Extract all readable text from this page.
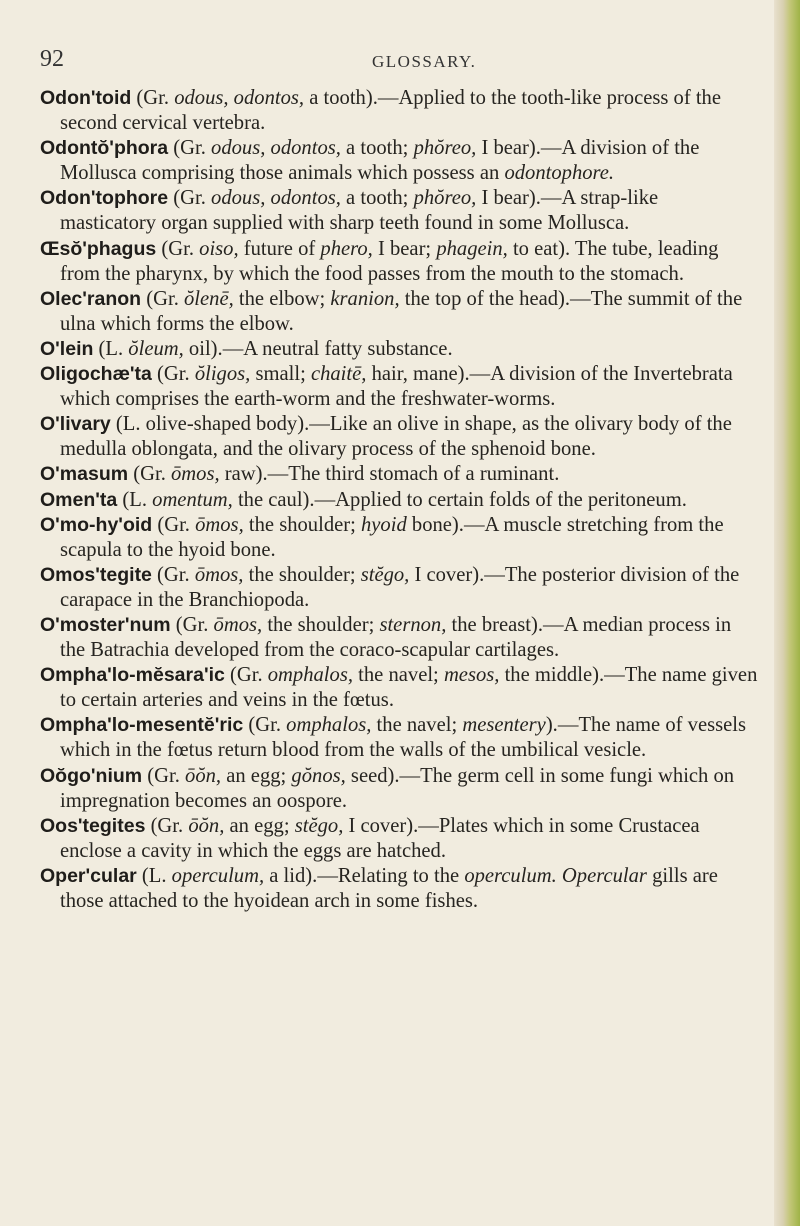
92	GLOSSARY.

Odon'toid (Gr. odous, odontos, a tooth).—Applied to the tooth-like process of the second cervical vertebra.

Odontŏ'phora (Gr. odous, odontos, a tooth; phŏreo, I bear).—A division of the Mollusca comprising those animals which possess an odontophore.

Odon'tophore (Gr. odous, odontos, a tooth; phŏreo, I bear).—A strap-like masticatory organ supplied with sharp teeth found in some Mollusca.

Œsŏ'phagus (Gr. oiso, future of phero, I bear; phagein, to eat). The tube, leading from the pharynx, by which the food passes from the mouth to the stomach.

Olec'ranon (Gr. ŏlenē, the elbow; kranion, the top of the head).—The summit of the ulna which forms the elbow.

O'lein (L. ŏleum, oil).—A neutral fatty substance.

Oligochæ'ta (Gr. ŏligos, small; chaitē, hair, mane).—A division of the Invertebrata which comprises the earth-worm and the freshwater-worms.

O'livary (L. olive-shaped body).—Like an olive in shape, as the olivary body of the medulla oblongata, and the olivary process of the sphenoid bone.

O'masum (Gr. ōmos, raw).—The third stomach of a ruminant.

Omen'ta (L. omentum, the caul).—Applied to certain folds of the peritoneum.

O'mo-hy'oid (Gr. ōmos, the shoulder; hyoid bone).—A muscle stretching from the scapula to the hyoid bone.

Omos'tegite (Gr. ōmos, the shoulder; stĕgo, I cover).—The posterior division of the carapace in the Branchiopoda.

O'moster'num (Gr. ōmos, the shoulder; sternon, the breast).—A median process in the Batrachia developed from the coraco-scapular cartilages.

Ompha'lo-mĕsara'ic (Gr. omphalos, the navel; mesos, the middle).—The name given to certain arteries and veins in the fœtus.

Ompha'lo-mesentĕ'ric (Gr. omphalos, the navel; mesentery).—The name of vessels which in the fœtus return blood from the walls of the umbilical vesicle.

Oŏgo'nium (Gr. ōŏn, an egg; gŏnos, seed).—The germ cell in some fungi which on impregnation becomes an oospore.

Oos'tegites (Gr. ōŏn, an egg; stĕgo, I cover).—Plates which in some Crustacea enclose a cavity in which the eggs are hatched.

Oper'cular (L. operculum, a lid).—Relating to the operculum. Opercular gills are those attached to the hyoidean arch in some fishes.
